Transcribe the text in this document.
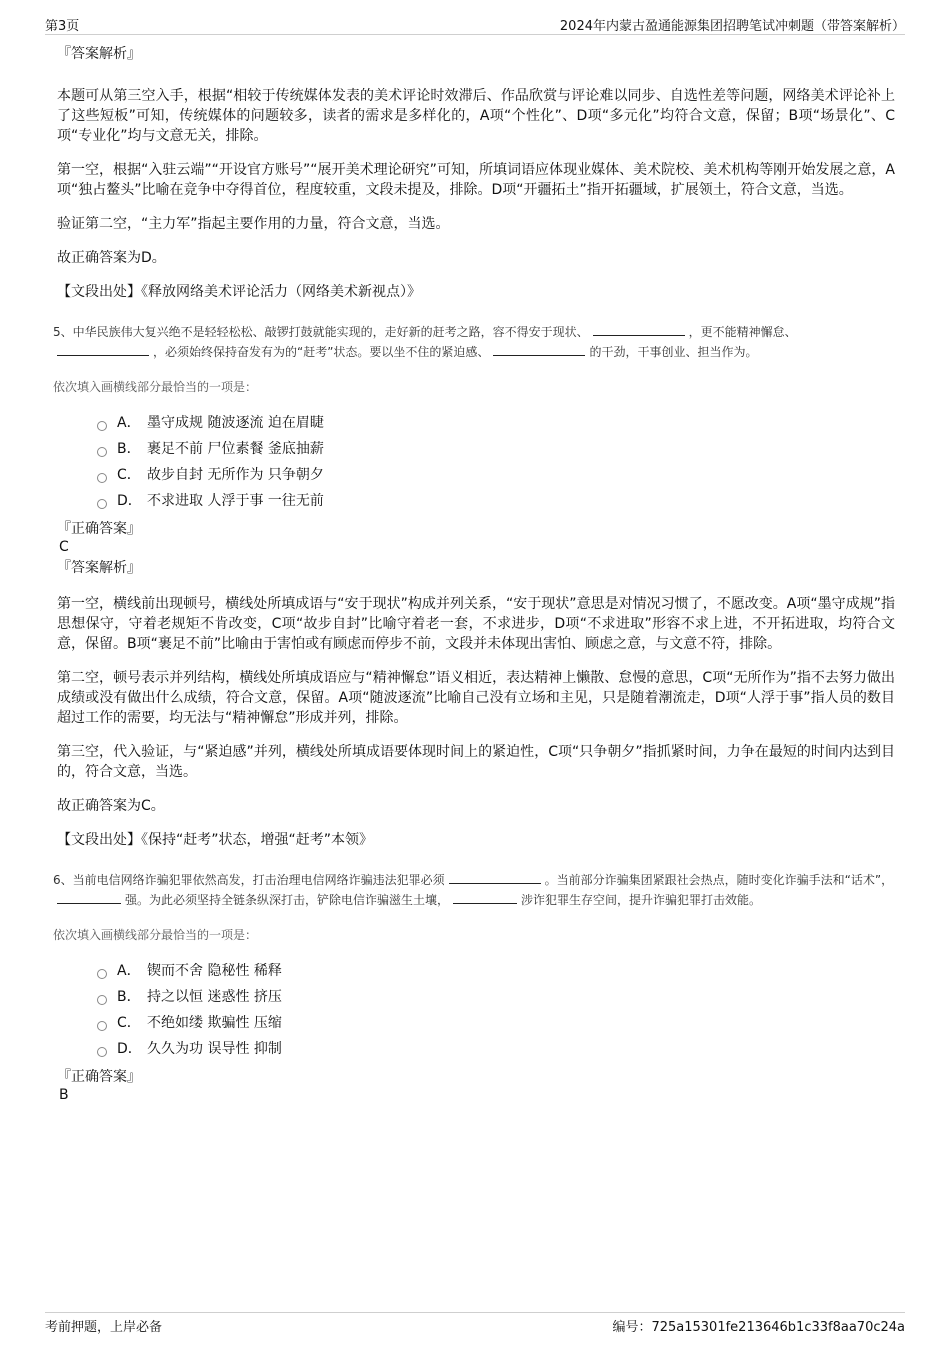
第3页	2024年内蒙古盈通能源集团招聘笔试冲刺题（带答案解析）
『答案解析』

本题可从第三空入手，根据“相较于传统媒体发表的美术评论时效滞后、作品欣赏与评论难以同步、自选性差等问题，网络美术评论补上了这些短板”可知，传统媒体的问题较多，读者的需求是多样化的，A项“个性化”、D项“多元化”均符合文意，保留；B项“场景化”、C项“专业化”均与文意无关，排除。

第一空，根据“入驻云端”“开设官方账号”“展开美术理论研究”可知，所填词语应体现业媒体、美术院校、美术机构等刚开始发展之意，A项“独占鳌头”比喻在竞争中夺得首位，程度较重，文段未提及，排除。D项“开疆拓土”指开拓疆域，扩展领土，符合文意，当选。

验证第二空，“主力军”指起主要作用的力量，符合文意，当选。

故正确答案为D。

【文段出处】《释放网络美术评论活力（网络美术新视点）》

5、中华民族伟大复兴绝不是轻轻松松、敲锣打鼓就能实现的，走好新的赶考之路，容不得安于现状、	，更不能精神懈怠、，必须始终保持奋发有为的“赶考”状态。要以坐不住的紧迫感、	的干劲，干事创业、担当作为。
依次填入画横线部分最恰当的一项是：
A． 墨守成规 随波逐流 迫在眉睫
B． 裹足不前 尸位素餐 釜底抽薪
C． 故步自封 无所作为 只争朝夕
D． 不求进取 人浮于事 一往无前
『正确答案』
C
『答案解析』

第一空，横线前出现顿号，横线处所填成语与“安于现状”构成并列关系，“安于现状”意思是对情况习惯了，不愿改变。A项“墨守成规”指思想保守，守着老规矩不肯改变，C项“故步自封”比喻守着老一套，不求进步，D项“不求进取”形容不求上进，不开拓进取，均符合文意，保留。B项“裹足不前”比喻由于害怕或有顾虑而停步不前，文段并未体现出害怕、顾虑之意，与文意不符，排除。

第二空，顿号表示并列结构，横线处所填成语应与“精神懈怠”语义相近，表达精神上懒散、怠慢的意思，C项“无所作为”指不去努力做出成绩或没有做出什么成绩，符合文意，保留。A项“随波逐流”比喻自己没有立场和主见，只是随着潮流走，D项“人浮于事”指人员的数目超过工作的需要，均无法与“精神懈怠”形成并列，排除。

第三空，代入验证，与“紧迫感”并列，横线处所填成语要体现时间上的紧迫性，C项“只争朝夕”指抓紧时间，力争在最短的时间内达到目的，符合文意，当选。

故正确答案为C。

【文段出处】《保持“赶考”状态，增强“赶考”本领》

6、当前电信网络诈骗犯罪依然高发，打击治理电信网络诈骗违法犯罪必须	。当前部分诈骗集团紧跟社会热点，随时变化诈骗手法和“话术”，强。为此必须坚持全链条纵深打击，铲除电信诈骗滋生土壤，	涉诈犯罪生存空间，提升诈骗犯罪打击效能。
依次填入画横线部分最恰当的一项是：
A． 锲而不舍 隐秘性 稀释
B． 持之以恒 迷惑性 挤压
C． 不绝如缕 欺骗性 压缩
D． 久久为功 误导性 抑制
『正确答案』
B
考前押题，上岸必备	编号：725a15301fe213646b1c33f8aa70c24a
